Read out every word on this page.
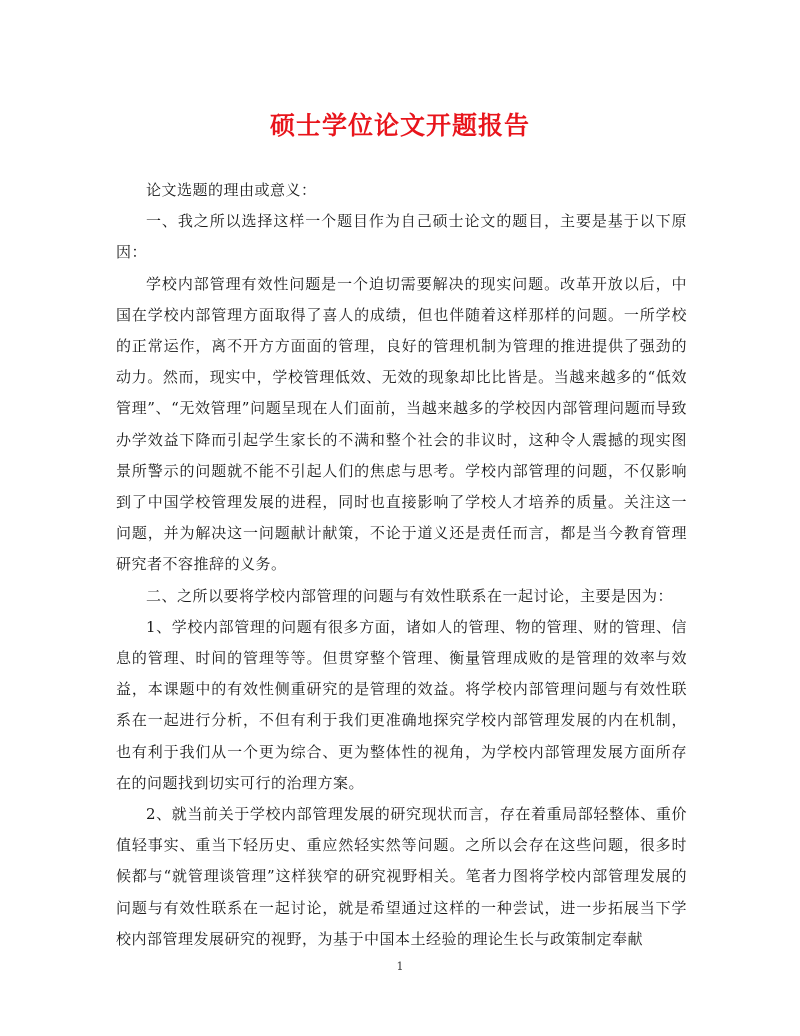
硕士学位论文开题报告

论文选题的理由或意义：

一、我之所以选择这样一个题目作为自己硕士论文的题目，主要是基于以下原因：

学校内部管理有效性问题是一个迫切需要解决的现实问题。改革开放以后，中国在学校内部管理方面取得了喜人的成绩，但也伴随着这样那样的问题。一所学校的正常运作，离不开方方面面的管理，良好的管理机制为管理的推进提供了强劲的动力。然而，现实中，学校管理低效、无效的现象却比比皆是。当越来越多的“低效管理”、“无效管理”问题呈现在人们面前，当越来越多的学校因内部管理问题而导致办学效益下降而引起学生家长的不满和整个社会的非议时，这种令人震撼的现实图景所警示的问题就不能不引起人们的焦虑与思考。学校内部管理的问题，不仅影响到了中国学校管理发展的进程，同时也直接影响了学校人才培养的质量。关注这一问题，并为解决这一问题献计献策，不论于道义还是责任而言，都是当今教育管理研究者不容推辞的义务。

二、之所以要将学校内部管理的问题与有效性联系在一起讨论，主要是因为：

1、学校内部管理的问题有很多方面，诸如人的管理、物的管理、财的管理、信息的管理、时间的管理等等。但贯穿整个管理、衡量管理成败的是管理的效率与效益，本课题中的有效性侧重研究的是管理的效益。将学校内部管理问题与有效性联系在一起进行分析，不但有利于我们更准确地探究学校内部管理发展的内在机制，也有利于我们从一个更为综合、更为整体性的视角，为学校内部管理发展方面所存在的问题找到切实可行的治理方案。

2、就当前关于学校内部管理发展的研究现状而言，存在着重局部轻整体、重价值轻事实、重当下轻历史、重应然轻实然等问题。之所以会存在这些问题，很多时候都与“就管理谈管理”这样狭窄的研究视野相关。笔者力图将学校内部管理发展的问题与有效性联系在一起讨论，就是希望通过这样的一种尝试，进一步拓展当下学校内部管理发展研究的视野，为基于中国本土经验的理论生长与政策制定奉献

1
